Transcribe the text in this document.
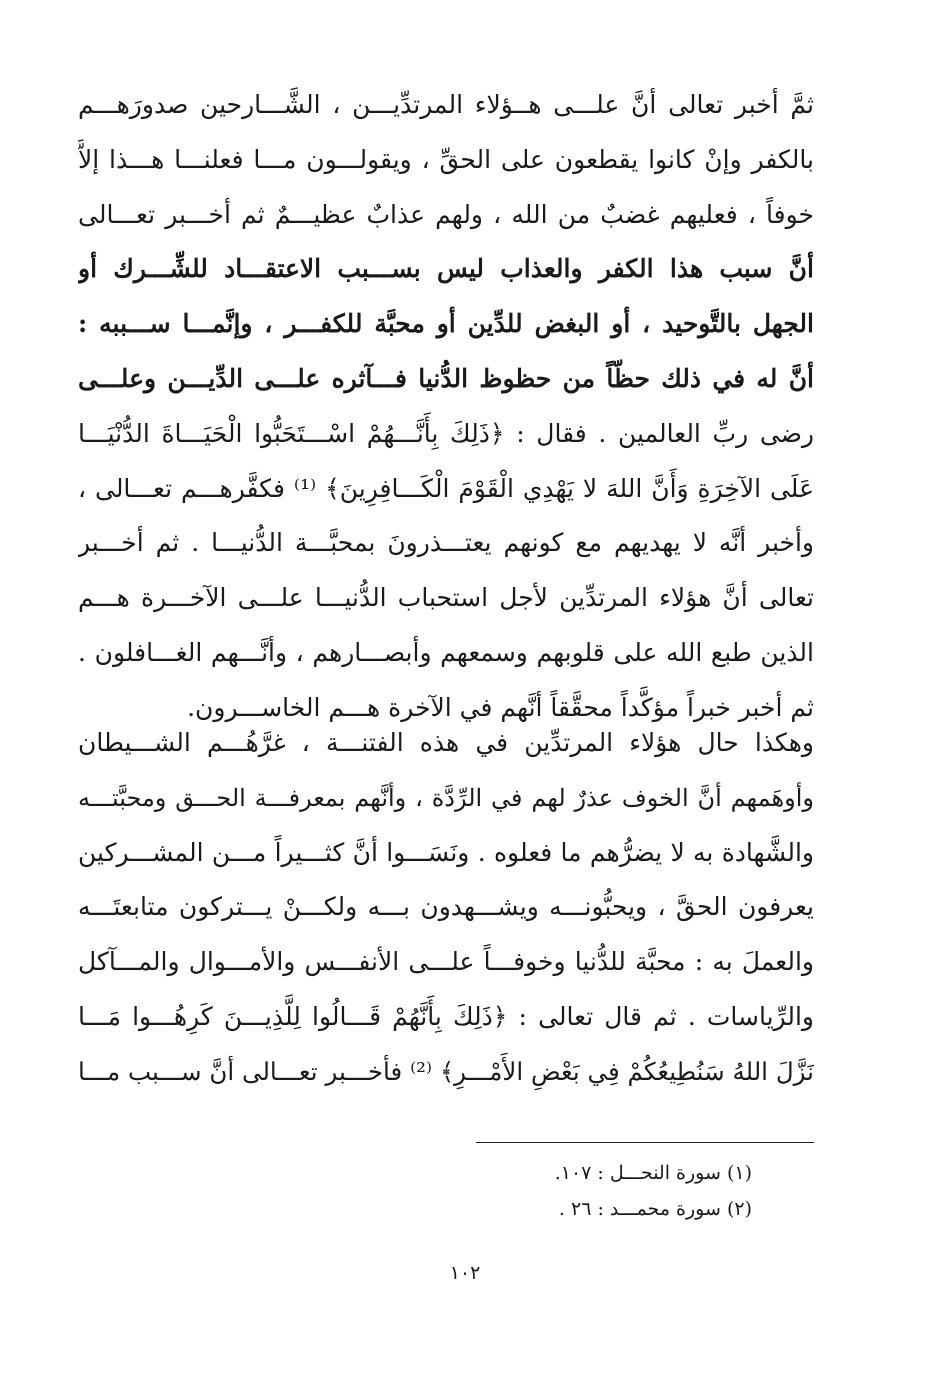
ثمَّ أخبر تعالى أنَّ علـــى هــؤلاء المرتدِّيـــن ، الشَّـــارحين صدورَهـــم
بالكفر وإنْ كانوا يقطعون على الحقِّ ، ويقولـــون مـــا فعلنـــا هـــذا إلاَّ
خوفاً ، فعليهم غضبٌ من الله ، ولهم عذابٌ عظيـــمٌ ثم أخـــبر تعـــالى
أنَّ سبب هذا الكفر والعذاب ليس بســـبب الاعتقـــاد للشِّـــرك أو
الجهل بالتَّوحيد ، أو البغض للدِّين أو محبَّة للكفـــر ، وإنَّمـــا ســـببه :
أنَّ له في ذلك حظّاً من حظوظ الدُّنيا فـــآثره علـــى الدِّيـــن وعلـــى
رضى ربِّ العالمين . فقال : ﴿ذَلِكَ بِأَنَّـــهُمْ اسْـــتَحَبُّوا الْحَيَـــاةَ الدُّنْيَـــا
عَلَى الآخِرَةِ وَأَنَّ اللهَ لا يَهْدِي الْقَوْمَ الْكَـــافِرِينَ﴾ ⁽¹⁾ فكفَّرهـــم تعـــالى ،
وأخبر أنَّه لا يهديهم مع كونهم يعتـــذرونَ بمحبَّـــة الدُّنيـــا . ثم أخـــبر
تعالى أنَّ هؤلاء المرتدِّين لأجل استحباب الدُّنيـــا علـــى الآخـــرة هـــم
الذين طبع الله على قلوبهم وسمعهم وأبصـــارهم ، وأنَّـــهم الغـــافلون .
ثم أخبر خبراً مؤكَّداً محقَّقاً أنَّهم في الآخرة هـــم الخاســـرون.
وهكذا حال هؤلاء المرتدِّين في هذه الفتنـــة ، غرَّهُـــم الشـــيطان
وأوهَمهم أنَّ الخوف عذرٌ لهم في الرِّدَّة ، وأنَّهم بمعرفـــة الحـــق ومحبَّتـــه
والشَّهادة به لا يضرُّهم ما فعلوه . ونَسَـــوا أنَّ كثـــيراً مـــن المشـــركين
يعرفون الحقَّ ، ويحبُّونـــه ويشـــهدون بـــه ولكـــنْ يـــتركون متابعتَـــه
والعملَ به : محبَّة للدُّنيا وخوفـــاً علـــى الأنفـــس والأمـــوال والمـــآكل
والرِّياسات . ثم قال تعالى : ﴿ذَلِكَ بِأَنَّهُمْ قَـــالُوا لِلَّذِيـــنَ كَرِهُـــوا مَـــا
نَزَّلَ اللهُ سَنُطِيعُكُمْ فِي بَعْضِ الأَمْـــرِ﴾ ⁽²⁾ فأخـــبر تعـــالى أنَّ ســـبب مـــا
(١) سورة النحـــل : ١٠٧.
(٢) سورة محمـــد : ٢٦ .
١٠٢
